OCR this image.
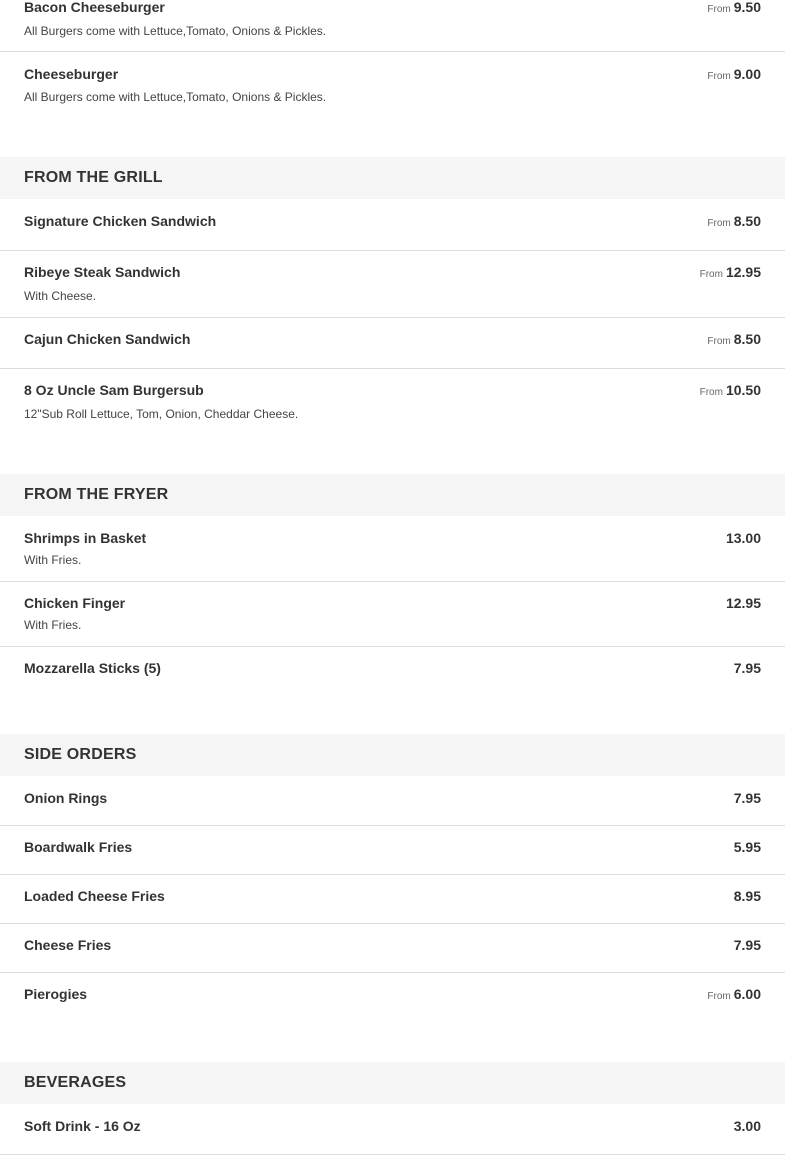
Bacon Cheeseburger
All Burgers come with Lettuce,Tomato, Onions & Pickles.
From 9.50
Cheeseburger
All Burgers come with Lettuce,Tomato, Onions & Pickles.
From 9.00
FROM THE GRILL
Signature Chicken Sandwich	From 8.50
Ribeye Steak Sandwich
With Cheese.
From 12.95
Cajun Chicken Sandwich	From 8.50
8 Oz Uncle Sam Burgersub
12"Sub Roll Lettuce, Tom, Onion, Cheddar Cheese.
From 10.50
FROM THE FRYER
Shrimps in Basket
With Fries.
13.00
Chicken Finger
With Fries.
12.95
Mozzarella Sticks (5)	7.95
SIDE ORDERS
Onion Rings	7.95
Boardwalk Fries	5.95
Loaded Cheese Fries	8.95
Cheese Fries	7.95
Pierogies	From 6.00
BEVERAGES
Soft Drink - 16 Oz	3.00
